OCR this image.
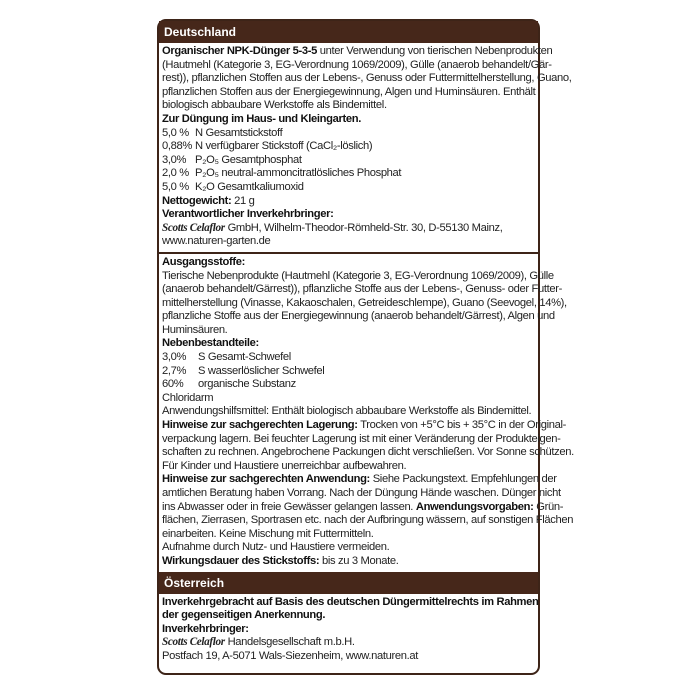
Deutschland
Organischer NPK-Dünger 5-3-5 unter Verwendung von tierischen Nebenprodukten
(Hautmehl (Kategorie 3, EG-Verordnung 1069/2009), Gülle (anaerob behandelt/Gär-
rest)), pflanzlichen Stoffen aus der Lebens-, Genuss oder Futtermittelherstellung, Guano,
pflanzlichen Stoffen aus der Energiegewinnung, Algen und Huminsäuren. Enthält
biologisch abbaubare Werkstoffe als Bindemittel.
Zur Düngung im Haus- und Kleingarten.
5,0 % N Gesamtstickstoff
0,88% N verfügbarer Stickstoff (CaCl₂-löslich)
3,0% P₂O₅ Gesamtphosphat
2,0 % P₂O₅ neutral-ammoncitratlösliches Phosphat
5,0 % K₂O Gesamtkaliumoxid
Nettogewicht: 21 g
Verantwortlicher Inverkehrbringer:
Scotts Celaflor GmbH, Wilhelm-Theodor-Römheld-Str. 30, D-55130 Mainz,
www.naturen-garten.de
Ausgangsstoffe:
Tierische Nebenprodukte (Hautmehl (Kategorie 3, EG-Verordnung 1069/2009), Gülle
(anaerob behandelt/Gärrest)), pflanzliche Stoffe aus der Lebens-, Genuss- oder Futter-
mittelherstellung (Vinasse, Kakaoschalen, Getreideschlempe), Guano (Seevogel, 14%),
pflanzliche Stoffe aus der Energiegewinnung (anaerob behandelt/Gärrest), Algen und
Huminsäuren.
Nebenbestandteile:
3,0%	S Gesamt-Schwefel
2,7%	S wasserlöslicher Schwefel
60%	organische Substanz
Chloridarm
Anwendungshilfsmittel: Enthält biologisch abbaubare Werkstoffe als Bindemittel.
Hinweise zur sachgerechten Lagerung: Trocken von +5°C bis + 35°C in der Original-
verpackung lagern. Bei feuchter Lagerung ist mit einer Veränderung der Produkteigen-
schaften zu rechnen. Angebrochene Packungen dicht verschließen. Vor Sonne schützen.
Für Kinder und Haustiere unerreichbar aufbewahren.
Hinweise zur sachgerechten Anwendung: Siehe Packungstext. Empfehlungen der
amtlichen Beratung haben Vorrang. Nach der Düngung Hände waschen. Dünger nicht
ins Abwasser oder in freie Gewässer gelangen lassen. Anwendungsvorgaben: Grün-
flächen, Zierrasen, Sportrasen etc. nach der Aufbringung wässern, auf sonstigen Flächen
einarbeiten. Keine Mischung mit Futtermitteln.
Aufnahme durch Nutz- und Haustiere vermeiden.
Wirkungsdauer des Stickstoffs: bis zu 3 Monate.
Österreich
Inverkehrgebracht auf Basis des deutschen Düngermittelrechts im Rahmen
der gegenseitigen Anerkennung.
Inverkehrbringer:
Scotts Celaflor Handelsgesellschaft m.b.H.
Postfach 19, A-5071 Wals-Siezenheim, www.naturen.at
